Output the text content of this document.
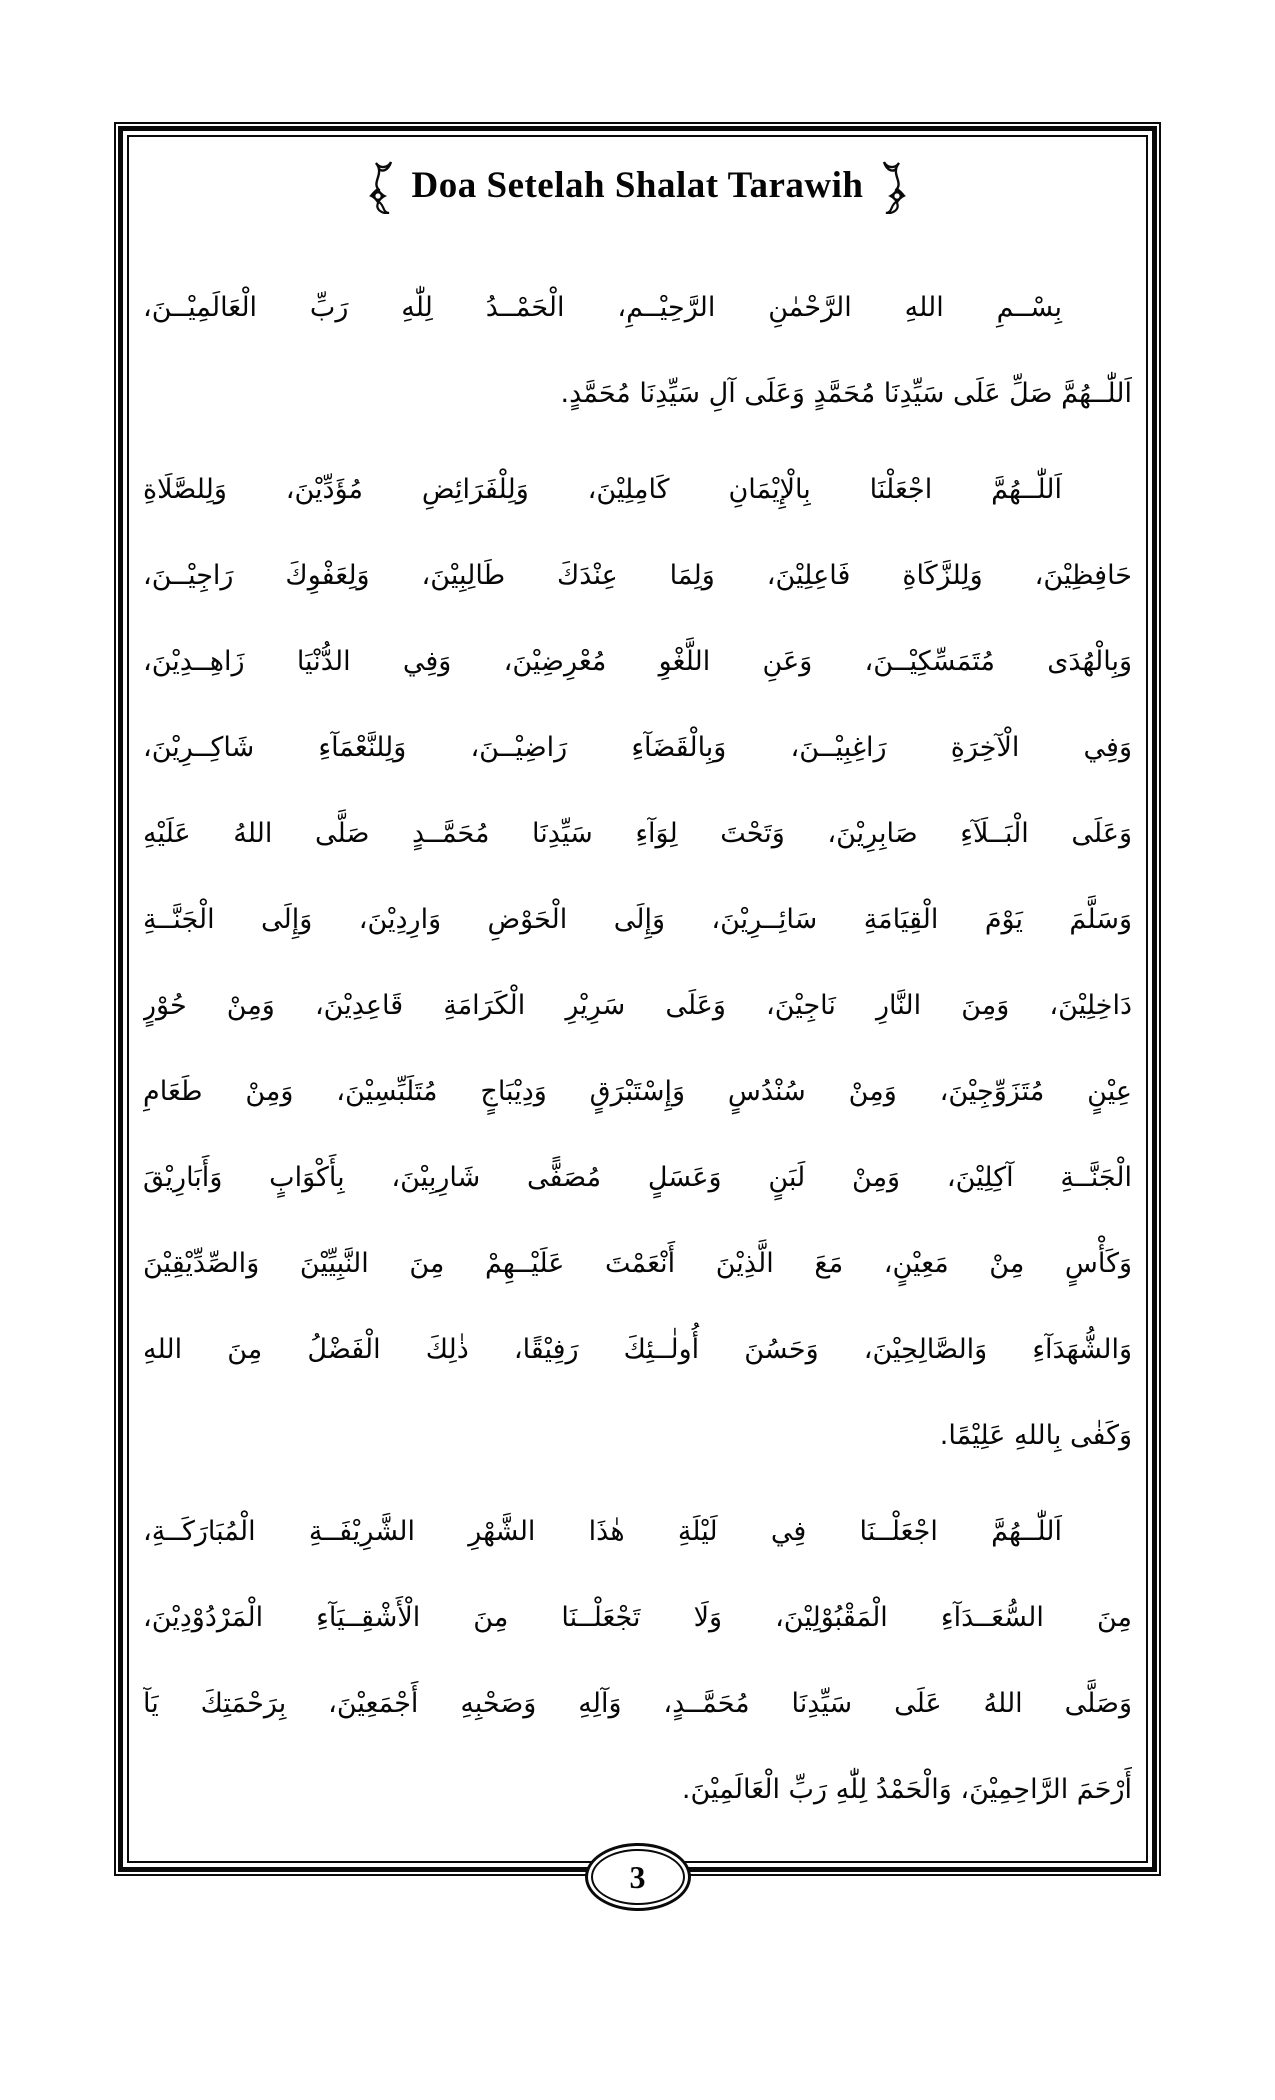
Doa Setelah Shalat Tarawih
بِسْــمِ اللهِ الرَّحْمٰنِ الرَّحِيْــمِ، الْحَمْــدُ لِلّٰهِ رَبِّ الْعَالَمِيْــنَ،
اَللّٰــهُمَّ صَلِّ عَلَى سَيِّدِنَا مُحَمَّدٍ وَعَلَى آلِ سَيِّدِنَا مُحَمَّدٍ.
اَللّٰــهُمَّ اجْعَلْنَا بِالْإِيْمَانِ كَامِلِيْنَ، وَلِلْفَرَائِضِ مُؤَدِّيْنَ، وَلِلصَّلَاةِ
حَافِظِيْنَ، وَلِلزَّكَاةِ فَاعِلِيْنَ، وَلِمَا عِنْدَكَ طَالِبِيْنَ، وَلِعَفْوِكَ رَاجِيْــنَ،
وَبِالْهُدَى مُتَمَسِّكِيْــنَ، وَعَنِ اللَّغْوِ مُعْرِضِيْنَ، وَفِي الدُّنْيَا زَاهِــدِيْنَ،
وَفِي الْآخِرَةِ رَاغِبِيْــنَ، وَبِالْقَضَآءِ رَاضِيْــنَ، وَلِلنَّعْمَآءِ شَاكِــرِيْنَ،
وَعَلَى الْبَــلَآءِ صَابِرِيْنَ، وَتَحْتَ لِوَآءِ سَيِّدِنَا مُحَمَّــدٍ صَلَّى اللهُ عَلَيْهِ
وَسَلَّمَ يَوْمَ الْقِيَامَةِ سَائِــرِيْنَ، وَإِلَى الْحَوْضِ وَارِدِيْنَ، وَإِلَى الْجَنَّــةِ
دَاخِلِيْنَ، وَمِنَ النَّارِ نَاجِيْنَ، وَعَلَى سَرِيْرِ الْكَرَامَةِ قَاعِدِيْنَ، وَمِنْ حُوْرٍ
عِيْنٍ مُتَزَوِّجِيْنَ، وَمِنْ سُنْدُسٍ وَإِسْتَبْرَقٍ وَدِيْبَاجٍ مُتَلَبِّسِيْنَ، وَمِنْ طَعَامِ
الْجَنَّــةِ آكِلِيْنَ، وَمِنْ لَبَنٍ وَعَسَلٍ مُصَفًّى شَارِبِيْنَ، بِأَكْوَابٍ وَأَبَارِيْقَ
وَكَأْسٍ مِنْ مَعِيْنٍ، مَعَ الَّذِيْنَ أَنْعَمْتَ عَلَيْــهِمْ مِنَ النَّبِيِّيْنَ وَالصِّدِّيْقِيْنَ
وَالشُّهَدَآءِ وَالصَّالِحِيْنَ، وَحَسُنَ أُولٰــئِكَ رَفِيْقًا، ذٰلِكَ الْفَضْلُ مِنَ اللهِ
وَكَفٰى بِاللهِ عَلِيْمًا.
اَللّٰــهُمَّ اجْعَلْــنَا فِي لَيْلَةِ هٰذَا الشَّهْرِ الشَّرِيْفَــةِ الْمُبَارَكَــةِ،
مِنَ السُّعَــدَآءِ الْمَقْبُوْلِيْنَ، وَلَا تَجْعَلْــنَا مِنَ الْأَشْقِــيَآءِ الْمَرْدُوْدِيْنَ،
وَصَلَّى اللهُ عَلَى سَيِّدِنَا مُحَمَّــدٍ، وَآلِهِ وَصَحْبِهِ أَجْمَعِيْنَ، بِرَحْمَتِكَ يَآ
أَرْحَمَ الرَّاحِمِيْنَ، وَالْحَمْدُ لِلّٰهِ رَبِّ الْعَالَمِيْنَ.
3
